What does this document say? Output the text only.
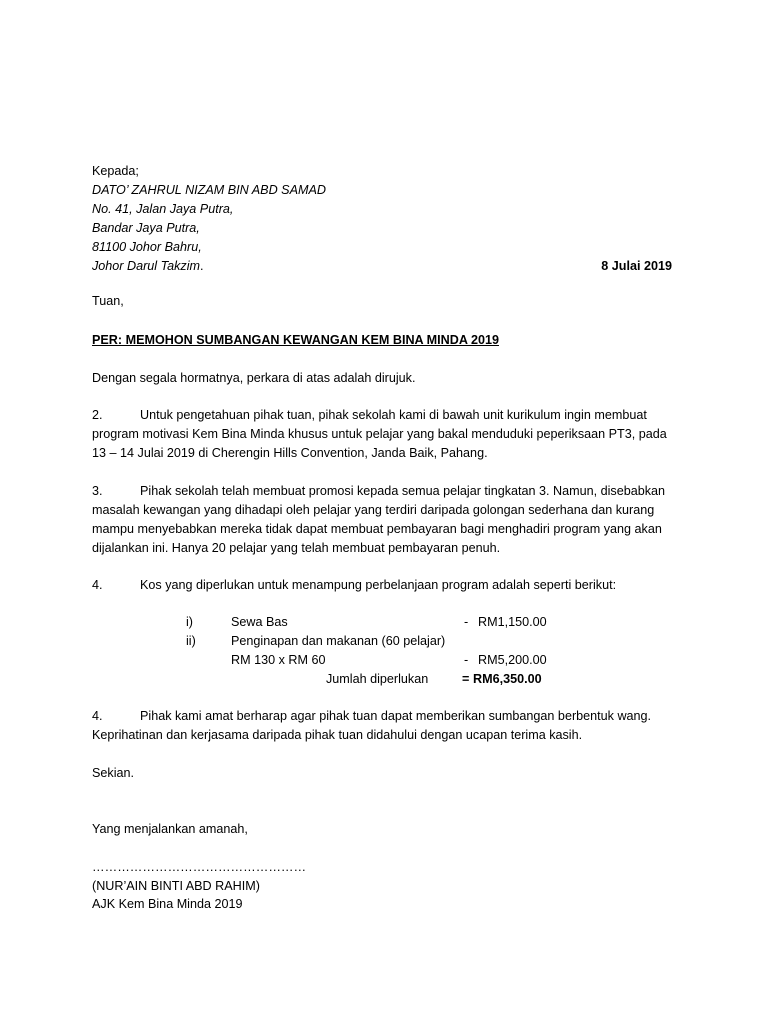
Kepada;
DATO’ ZAHRUL NIZAM BIN ABD SAMAD
No. 41, Jalan Jaya Putra,
Bandar Jaya Putra,
81100 Johor Bahru,
Johor Darul Takzim.	8 Julai 2019
Tuan,
PER: MEMOHON SUMBANGAN KEWANGAN KEM BINA MINDA 2019
Dengan segala hormatnya, perkara di atas adalah dirujuk.
2.	Untuk pengetahuan pihak tuan, pihak sekolah kami di bawah unit kurikulum ingin membuat program motivasi Kem Bina Minda khusus untuk pelajar yang bakal menduduki peperiksaan PT3, pada 13 – 14 Julai 2019 di Cherengin Hills Convention, Janda Baik, Pahang.
3.	Pihak sekolah telah membuat promosi kepada semua pelajar tingkatan 3. Namun, disebabkan masalah kewangan yang dihadapi oleh pelajar yang terdiri daripada golongan sederhana dan kurang mampu menyebabkan mereka tidak dapat membuat pembayaran bagi menghadiri program yang akan dijalankan ini. Hanya 20 pelajar yang telah membuat pembayaran penuh.
4.	Kos yang diperlukan untuk menampung perbelanjaan program adalah seperti berikut:
i)	Sewa Bas	- RM1,150.00
ii)	Penginapan dan makanan (60 pelajar)
RM 130 x RM 60	- RM5,200.00
Jumlah diperlukan	= RM6,350.00
4.	Pihak kami amat berharap agar pihak tuan dapat memberikan sumbangan berbentuk wang. Keprihatinan dan kerjasama daripada pihak tuan didahului dengan ucapan terima kasih.
Sekian.
Yang menjalankan amanah,
……………………………………………
(NUR’AIN BINTI ABD RAHIM)
AJK Kem Bina Minda 2019
